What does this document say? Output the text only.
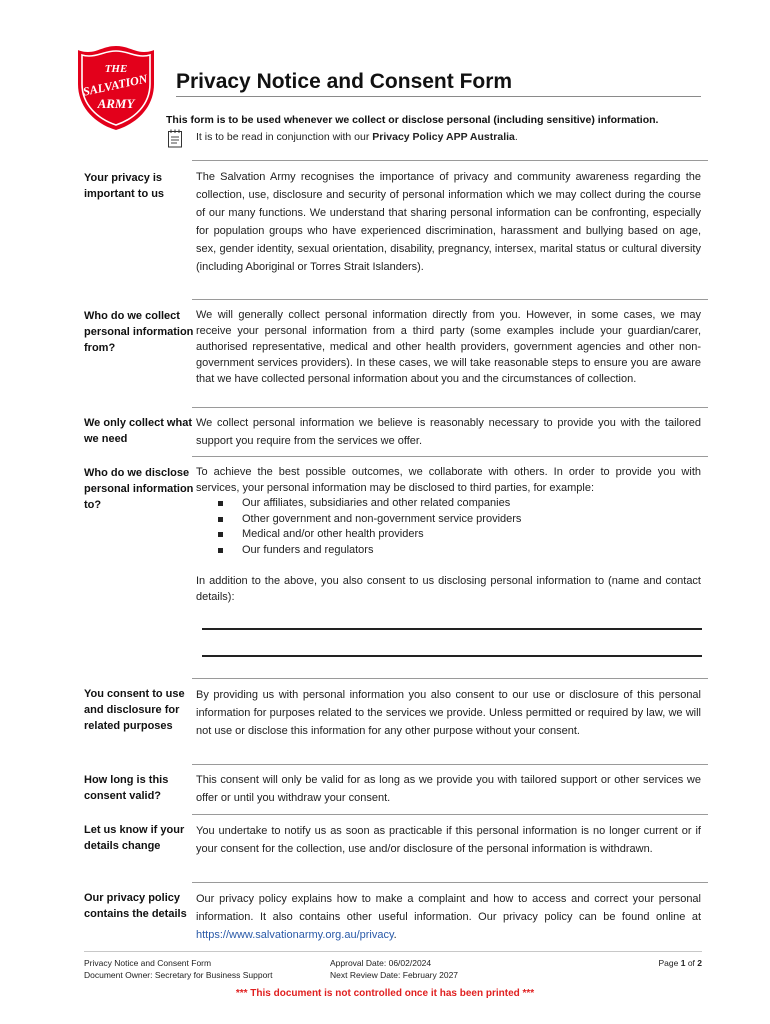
THE
SALVATION
ARMY
Privacy Notice and Consent Form
This form is to be used whenever we collect or disclose personal (including sensitive) information.
It is to be read in conjunction with our Privacy Policy APP Australia.
Your privacy is important to us
The Salvation Army recognises the importance of privacy and community awareness regarding the collection, use, disclosure and security of personal information which we may collect during the course of our many functions. We understand that sharing personal information can be confronting, especially for population groups who have experienced discrimination, harassment and bullying based on age, sex, gender identity, sexual orientation, disability, pregnancy, intersex, marital status or cultural diversity (including Aboriginal or Torres Strait Islanders).
Who do we collect personal information from?
We will generally collect personal information directly from you. However, in some cases, we may receive your personal information from a third party (some examples include your guardian/carer, authorised representative, medical and other health providers, government agencies and other non-government services providers). In these cases, we will take reasonable steps to ensure you are aware that we have collected personal information about you and the circumstances of collection.
We only collect what we need
We collect personal information we believe is reasonably necessary to provide you with the tailored support you require from the services we offer.
Who do we disclose personal information to?
To achieve the best possible outcomes, we collaborate with others. In order to provide you with services, your personal information may be disclosed to third parties, for example:
Our affiliates, subsidiaries and other related companies
Other government and non-government service providers
Medical and/or other health providers
Our funders and regulators
In addition to the above, you also consent to us disclosing personal information to (name and contact details):
You consent to use and disclosure for related purposes
By providing us with personal information you also consent to our use or disclosure of this personal information for purposes related to the services we provide. Unless permitted or required by law, we will not use or disclose this information for any other purpose without your consent.
How long is this consent valid?
This consent will only be valid for as long as we provide you with tailored support or other services we offer or until you withdraw your consent.
Let us know if your details change
You undertake to notify us as soon as practicable if this personal information is no longer current or if your consent for the collection, use and/or disclosure of the personal information is withdrawn.
Our privacy policy contains the details
Our privacy policy explains how to make a complaint and how to access and correct your personal information. It also contains other useful information. Our privacy policy can be found online at https://www.salvationarmy.org.au/privacy.
Privacy Notice and Consent Form
Document Owner: Secretary for Business Support
Approval Date: 06/02/2024
Next Review Date: February 2027
Page 1 of 2
*** This document is not controlled once it has been printed ***
